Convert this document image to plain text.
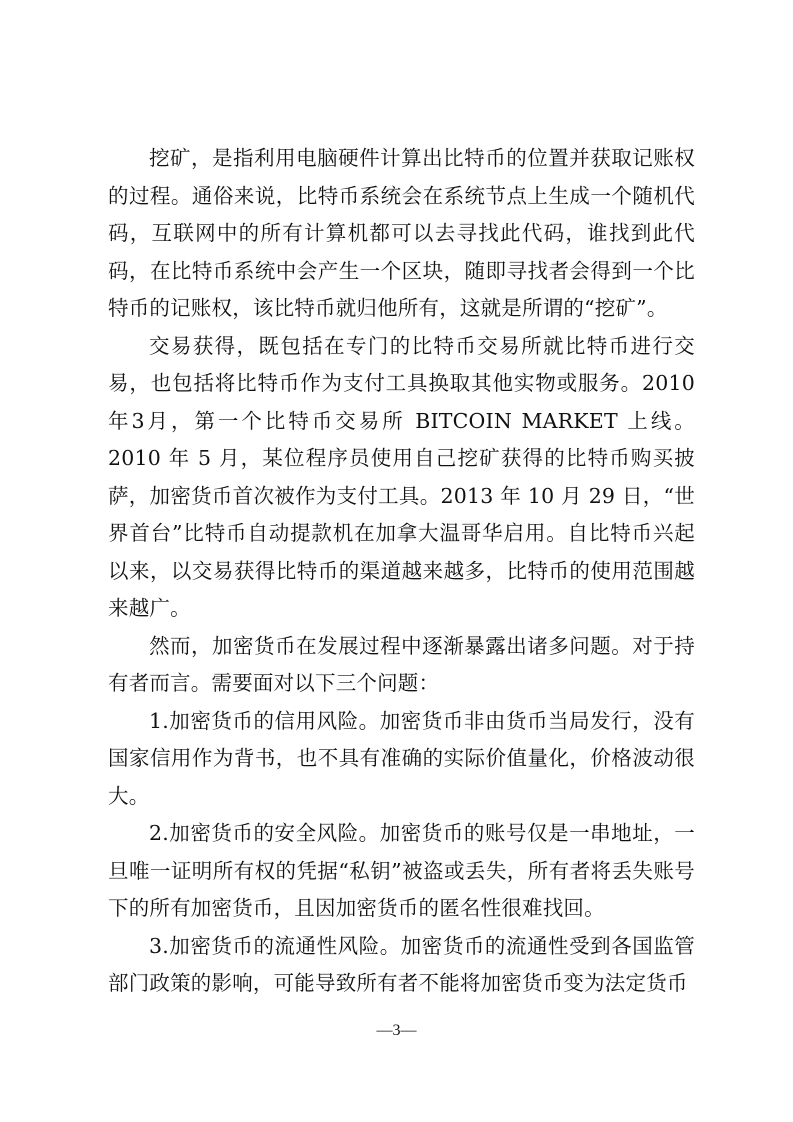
挖矿，是指利用电脑硬件计算出比特币的位置并获取记账权的过程。通俗来说，比特币系统会在系统节点上生成一个随机代码，互联网中的所有计算机都可以去寻找此代码，谁找到此代码，在比特币系统中会产生一个区块，随即寻找者会得到一个比特币的记账权，该比特币就归他所有，这就是所谓的“挖矿”。

交易获得，既包括在专门的比特币交易所就比特币进行交易，也包括将比特币作为支付工具换取其他实物或服务。2010年3月，第一个比特币交易所 BITCOIN MARKET 上线。2010 年 5 月，某位程序员使用自己挖矿获得的比特币购买披萨，加密货币首次被作为支付工具。2013 年 10 月 29 日，“世界首台”比特币自动提款机在加拿大温哥华启用。自比特币兴起以来，以交易获得比特币的渠道越来越多，比特币的使用范围越来越广。

然而，加密货币在发展过程中逐渐暴露出诸多问题。对于持有者而言。需要面对以下三个问题：

1.加密货币的信用风险。加密货币非由货币当局发行，没有国家信用作为背书，也不具有准确的实际价值量化，价格波动很大。

2.加密货币的安全风险。加密货币的账号仅是一串地址，一旦唯一证明所有权的凭据“私钥”被盗或丢失，所有者将丢失账号下的所有加密货币，且因加密货币的匿名性很难找回。

3.加密货币的流通性风险。加密货币的流通性受到各国监管部门政策的影响，可能导致所有者不能将加密货币变为法定货币

—3—
